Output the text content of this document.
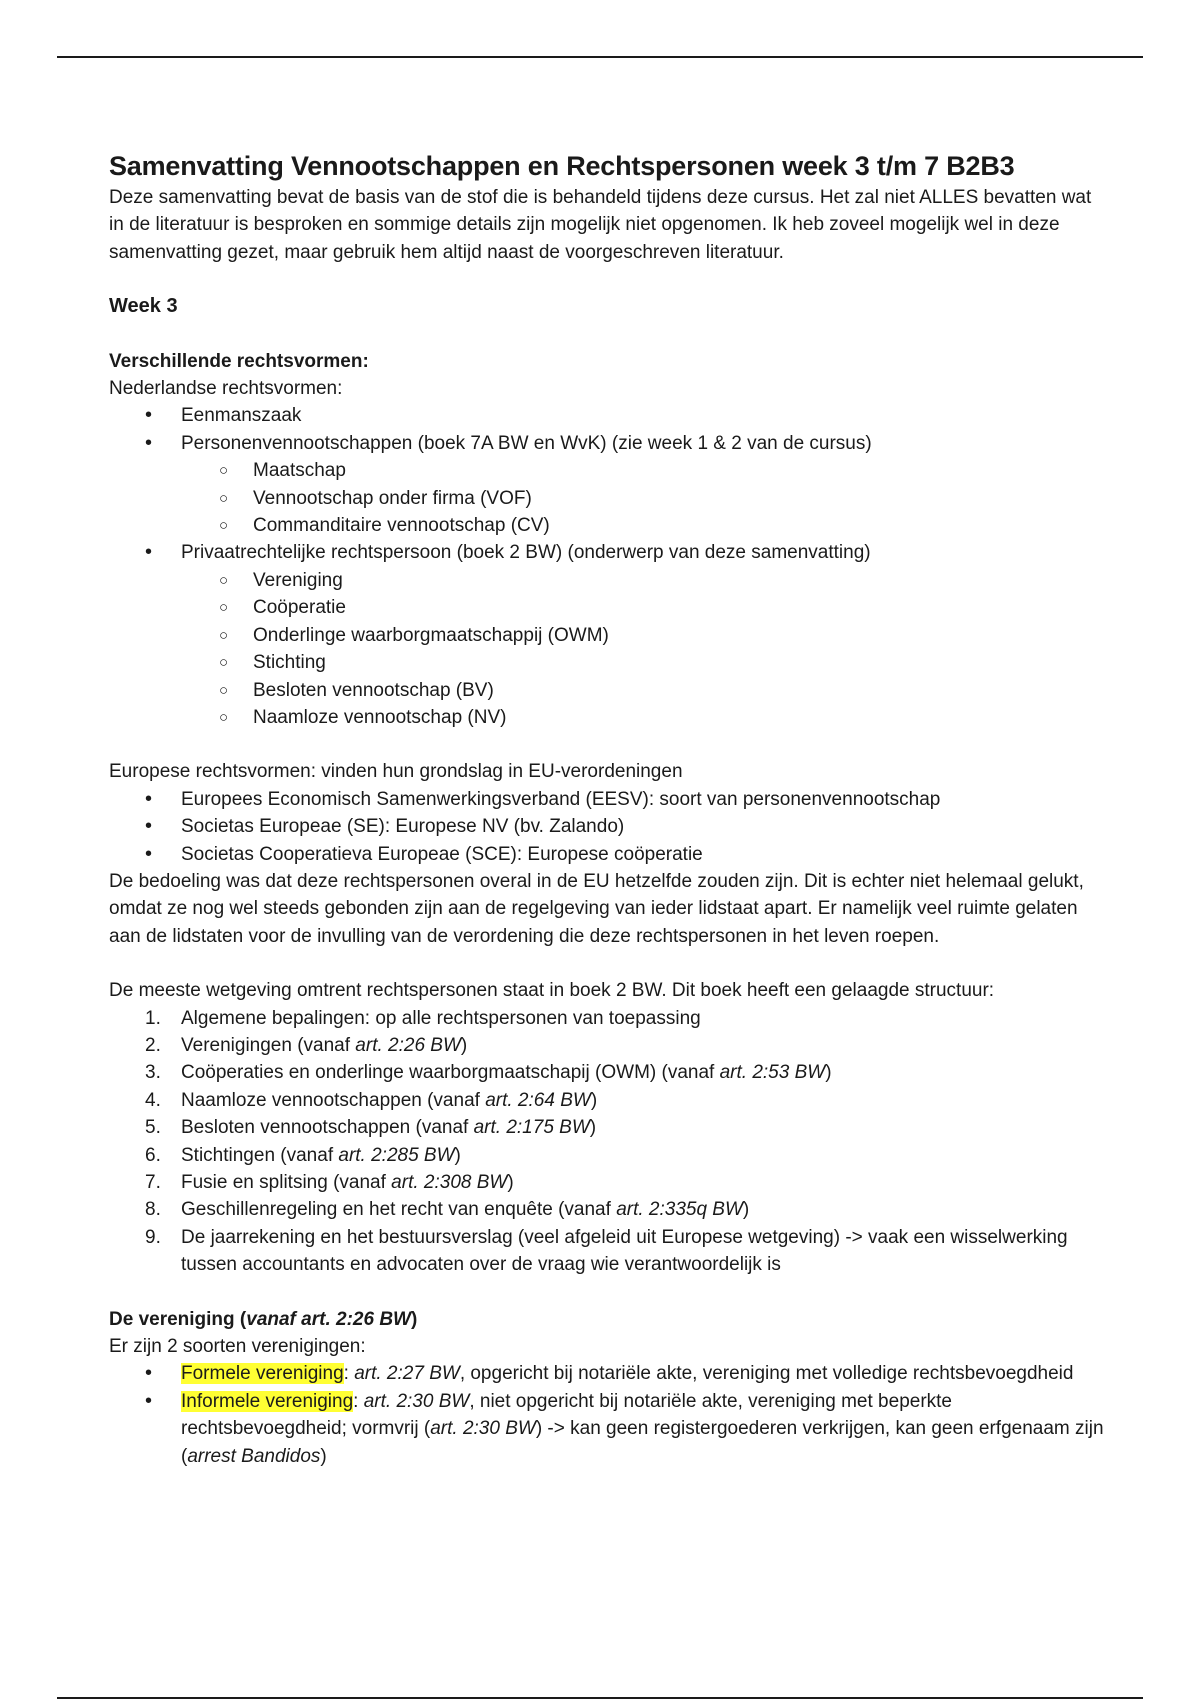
Samenvatting Vennootschappen en Rechtspersonen week 3 t/m 7 B2B3

Deze samenvatting bevat de basis van de stof die is behandeld tijdens deze cursus. Het zal niet ALLES bevatten wat in de literatuur is besproken en sommige details zijn mogelijk niet opgenomen. Ik heb zoveel mogelijk wel in deze samenvatting gezet, maar gebruik hem altijd naast de voorgeschreven literatuur.

Week 3

Verschillende rechtsvormen:

Nederlandse rechtsvormen:

• Eenmanszaak
• Personenvennootschappen (boek 7A BW en WvK) (zie week 1 & 2 van de cursus)
○ Maatschap
○ Vennootschap onder firma (VOF)
○ Commanditaire vennootschap (CV)
• Privaatrechtelijke rechtspersoon (boek 2 BW) (onderwerp van deze samenvatting)
○ Vereniging
○ Coöperatie
○ Onderlinge waarborgmaatschappij (OWM)
○ Stichting
○ Besloten vennootschap (BV)
○ Naamloze vennootschap (NV)

Europese rechtsvormen: vinden hun grondslag in EU-verordeningen

• Europees Economisch Samenwerkingsverband (EESV): soort van personenvennootschap
• Societas Europeae (SE): Europese NV (bv. Zalando)
• Societas Cooperatieva Europeae (SCE): Europese coöperatie

De bedoeling was dat deze rechtspersonen overal in de EU hetzelfde zouden zijn. Dit is echter niet helemaal gelukt, omdat ze nog wel steeds gebonden zijn aan de regelgeving van ieder lidstaat apart. Er namelijk veel ruimte gelaten aan de lidstaten voor de invulling van de verordening die deze rechtspersonen in het leven roepen.

De meeste wetgeving omtrent rechtspersonen staat in boek 2 BW. Dit boek heeft een gelaagde structuur:

1.	Algemene bepalingen: op alle rechtspersonen van toepassing
2.	Verenigingen (vanaf art. 2:26 BW)
3.	Coöperaties en onderlinge waarborgmaatschapij (OWM) (vanaf art. 2:53 BW)
4.	Naamloze vennootschappen (vanaf art. 2:64 BW)
5.	Besloten vennootschappen (vanaf art. 2:175 BW)
6.	Stichtingen (vanaf art. 2:285 BW)
7.	Fusie en splitsing (vanaf art. 2:308 BW)
8.	Geschillenregeling en het recht van enquête (vanaf art. 2:335q BW)
9.	De jaarrekening en het bestuursverslag (veel afgeleid uit Europese wetgeving) -> vaak een wisselwerking tussen accountants en advocaten over de vraag wie verantwoordelijk is

De vereniging (vanaf art. 2:26 BW)

Er zijn 2 soorten verenigingen:

• Formele vereniging: art. 2:27 BW, opgericht bij notariële akte, vereniging met volledige rechtsbevoegdheid
• Informele vereniging: art. 2:30 BW, niet opgericht bij notariële akte, vereniging met beperkte rechtsbevoegdheid; vormvrij (art. 2:30 BW) -> kan geen registergoederen verkrijgen, kan geen erfgenaam zijn (arrest Bandidos)
